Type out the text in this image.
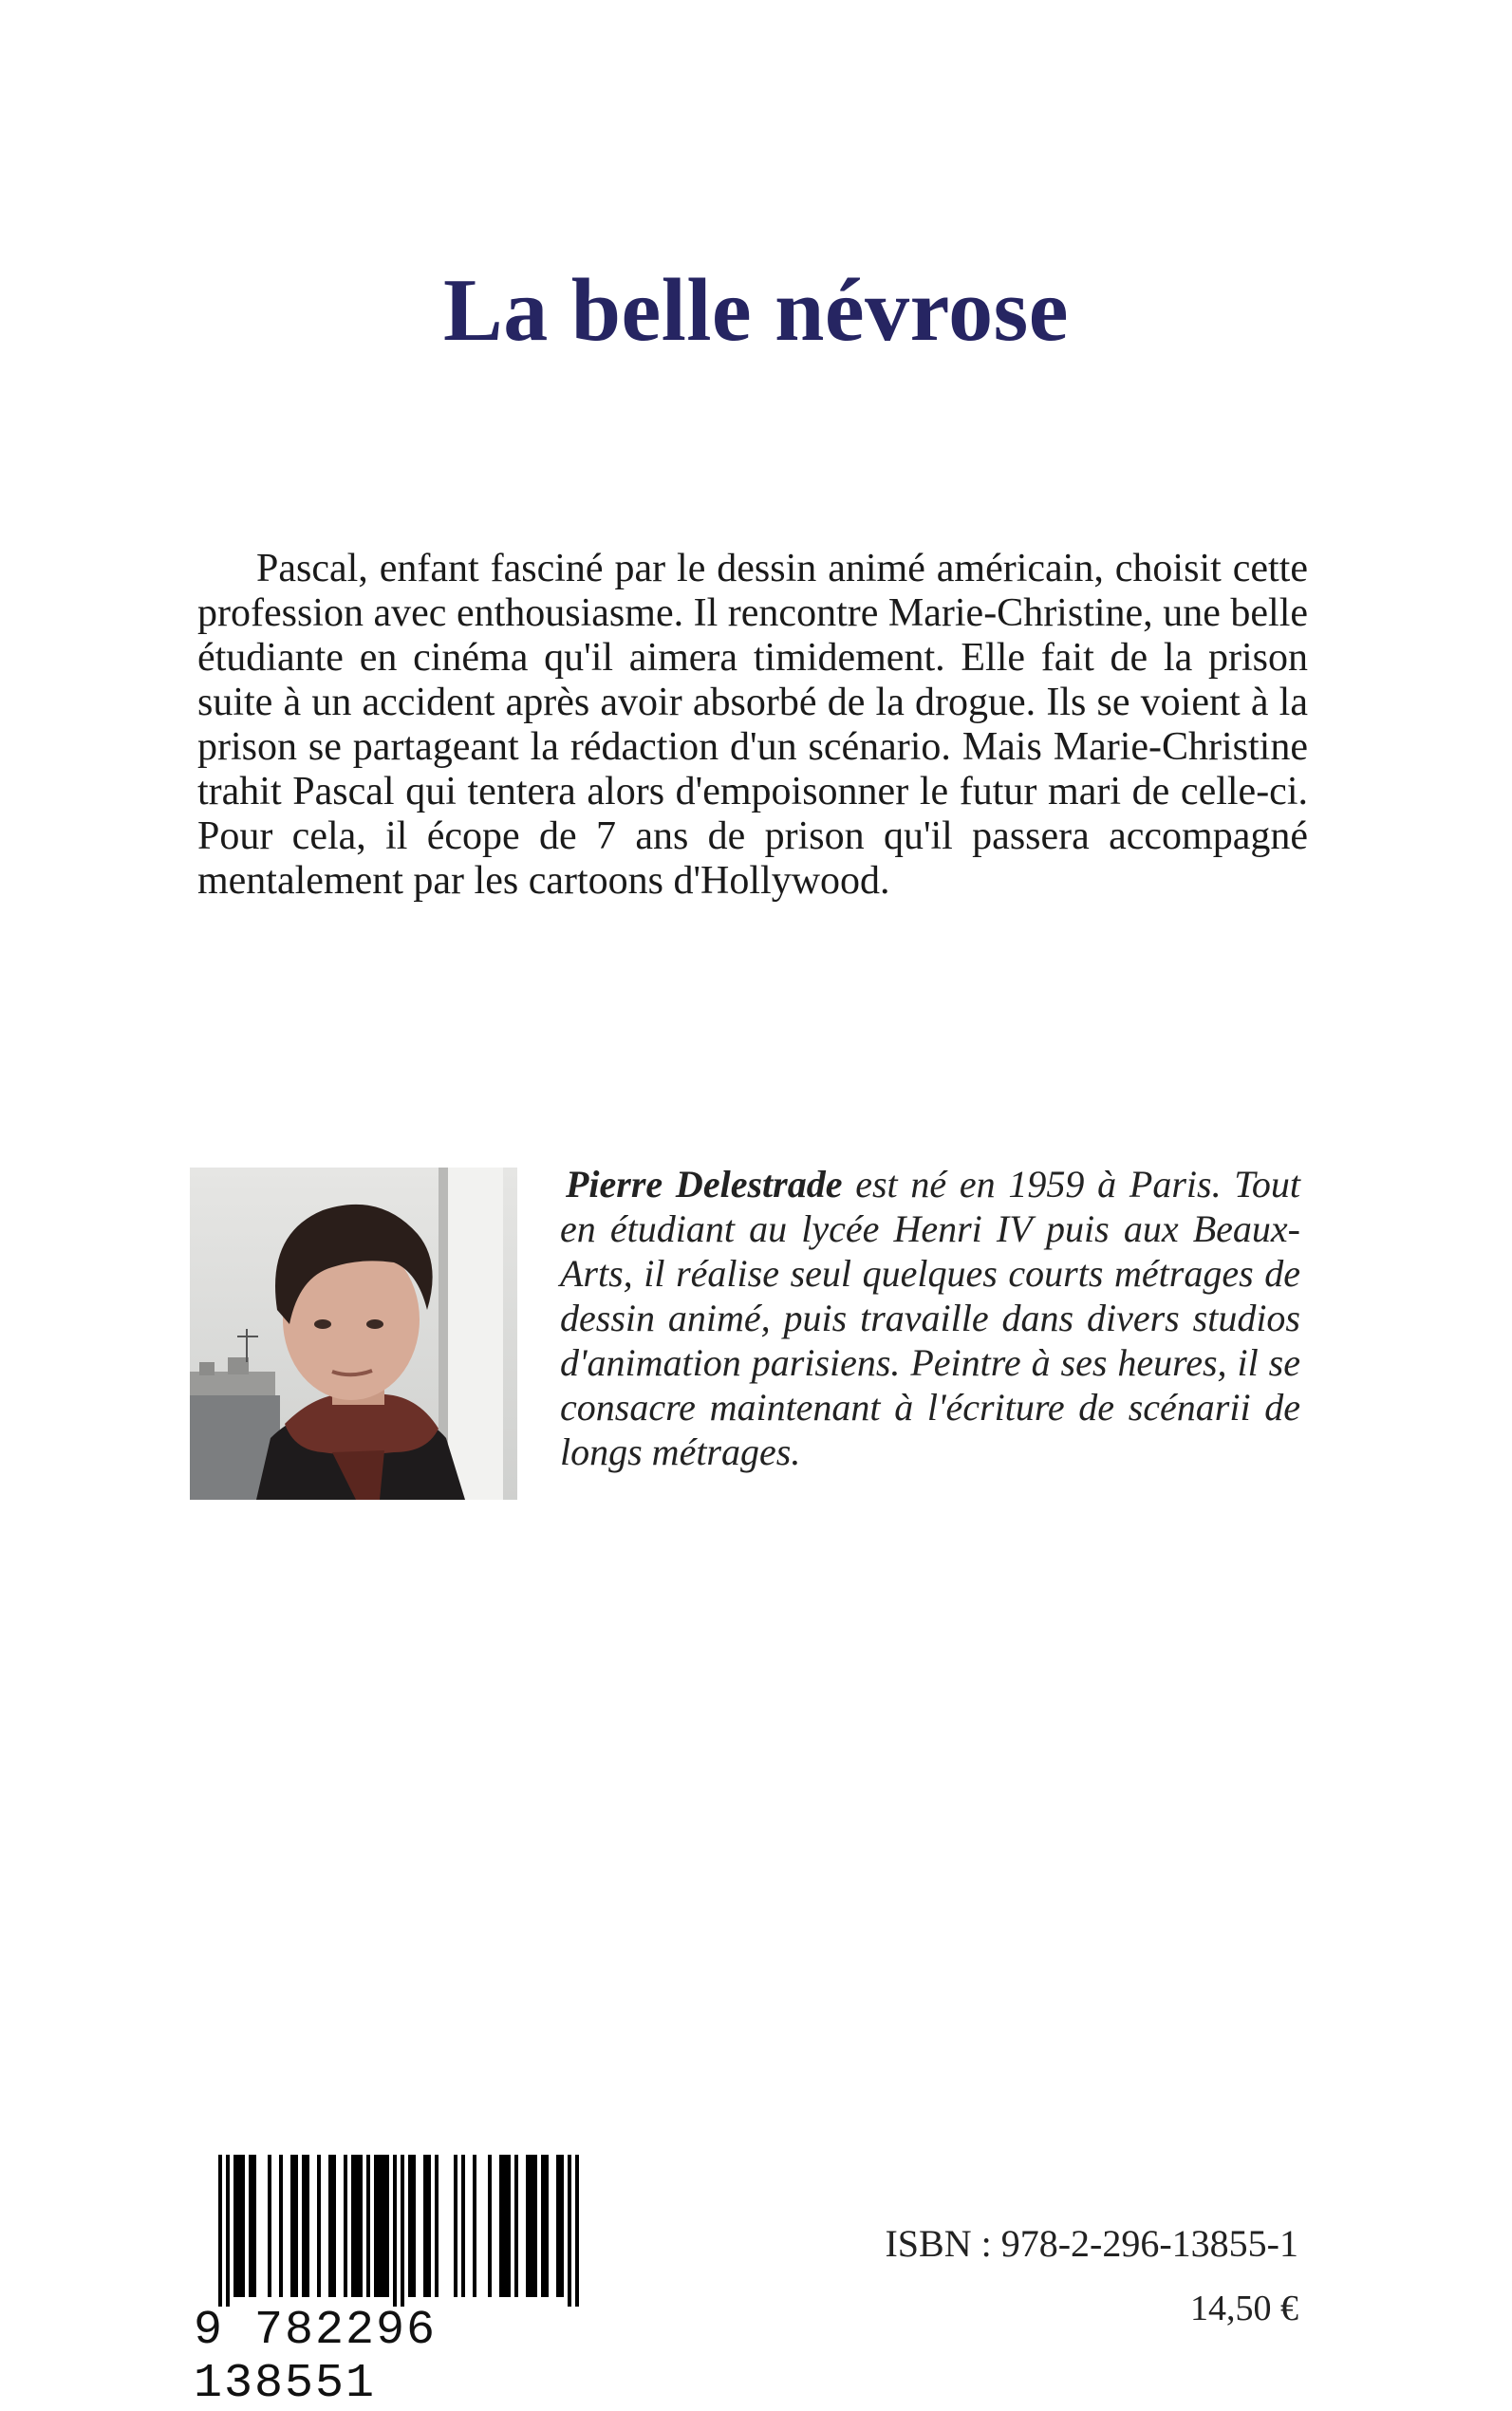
La belle névrose

Pascal, enfant fasciné par le dessin animé américain, choisit cette profession avec enthousiasme. Il rencontre Marie-Christine, une belle étudiante en cinéma qu'il aimera timidement. Elle fait de la prison suite à un accident après avoir absorbé de la drogue. Ils se voient à la prison se partageant la rédaction d'un scénario. Mais Marie-Christine trahit Pascal qui tentera alors d'empoisonner le futur mari de celle-ci. Pour cela, il écope de 7 ans de prison qu'il passera accompagné mentalement par les cartoons d'Hollywood.

Pierre Delestrade est né en 1959 à Paris. Tout en étudiant au lycée Henri IV puis aux Beaux-Arts, il réalise seul quelques courts métrages de dessin animé, puis travaille dans divers studios d'animation parisiens. Peintre à ses heures, il se consacre maintenant à l'écriture de scénarii de longs métrages.

9 782296 138551
ISBN : 978-2-296-13855-1
14,50 €
